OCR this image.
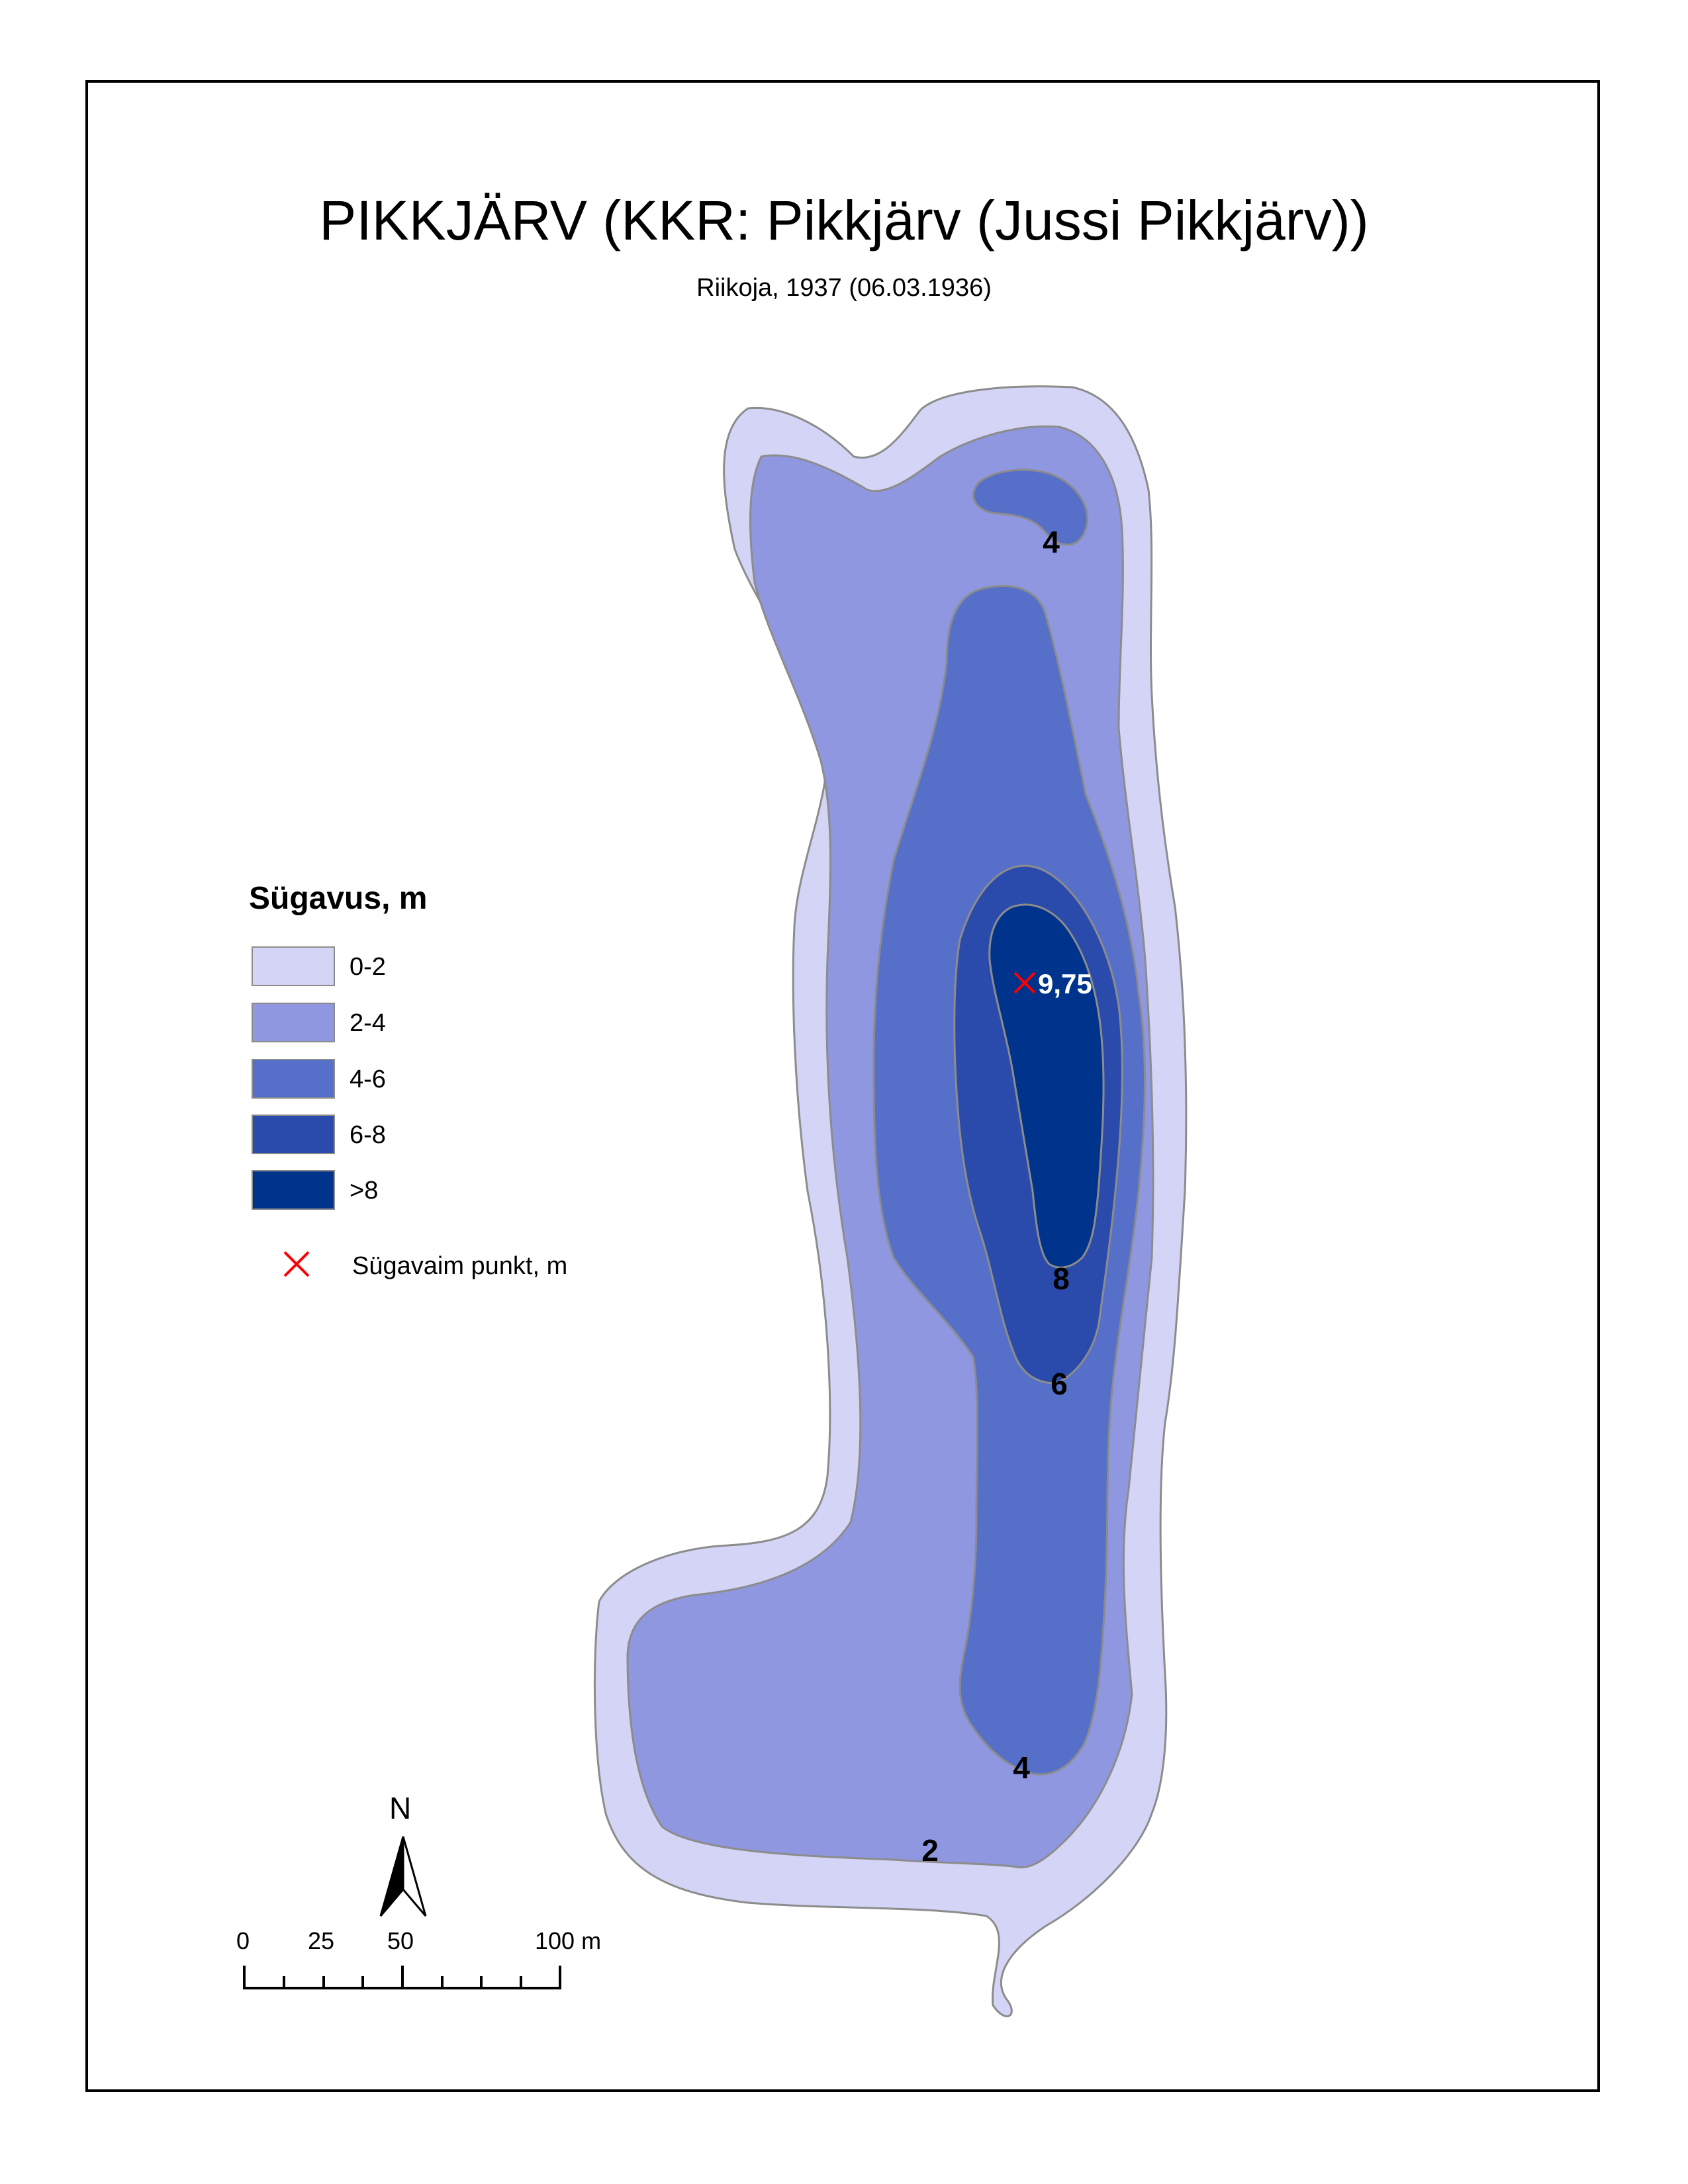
PIKKJÄRV (KKR: Pikkjärv (Jussi Pikkjärv))
Riikoja, 1937 (06.03.1936)
9,75
4
8
6
4
2
Sügavus, m
0-2
2-4
4-6
6-8
>8
Sügavaim punkt, m
N
0 25 50	100 m
